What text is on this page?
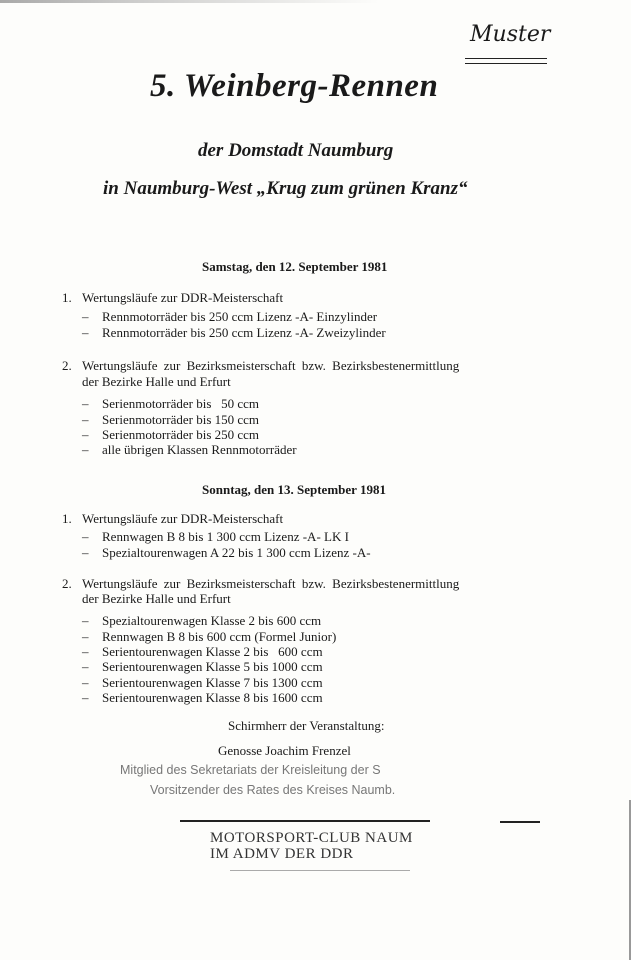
Muster
5. Weinberg-Rennen
der Domstadt Naumburg
in Naumburg-West „Krug zum grünen Kranz“
Samstag, den 12. September 1981
1. Wertungsläufe zur DDR-Meisterschaft
– Rennmotorräder bis 250 ccm Lizenz -A- Einzylinder
– Rennmotorräder bis 250 ccm Lizenz -A- Zweizylinder
2. Wertungsläufe zur Bezirksmeisterschaft bzw. Bezirksbestenermittlung
der Bezirke Halle und Erfurt
– Serienmotorräder bis   50 ccm
– Serienmotorräder bis 150 ccm
– Serienmotorräder bis 250 ccm
– alle übrigen Klassen Rennmotorräder
Sonntag, den 13. September 1981
1. Wertungsläufe zur DDR-Meisterschaft
– Rennwagen B 8 bis 1 300 ccm Lizenz -A- LK I
– Spezialtourenwagen A 22 bis 1 300 ccm Lizenz -A-
2. Wertungsläufe zur Bezirksmeisterschaft bzw. Bezirksbestenermittlung
der Bezirke Halle und Erfurt
– Spezialtourenwagen Klasse 2 bis 600 ccm
– Rennwagen B 8 bis 600 ccm (Formel Junior)
– Serientourenwagen Klasse 2 bis   600 ccm
– Serientourenwagen Klasse 5 bis 1000 ccm
– Serientourenwagen Klasse 7 bis 1300 ccm
– Serientourenwagen Klasse 8 bis 1600 ccm
Schirmherr der Veranstaltung:
Genosse Joachim Frenzel
Mitglied des Sekretariats der Kreisleitung der S
Vorsitzender des Rates des Kreises Naumb.
MOTORSPORT-CLUB NAUM
IM ADMV DER DDR
